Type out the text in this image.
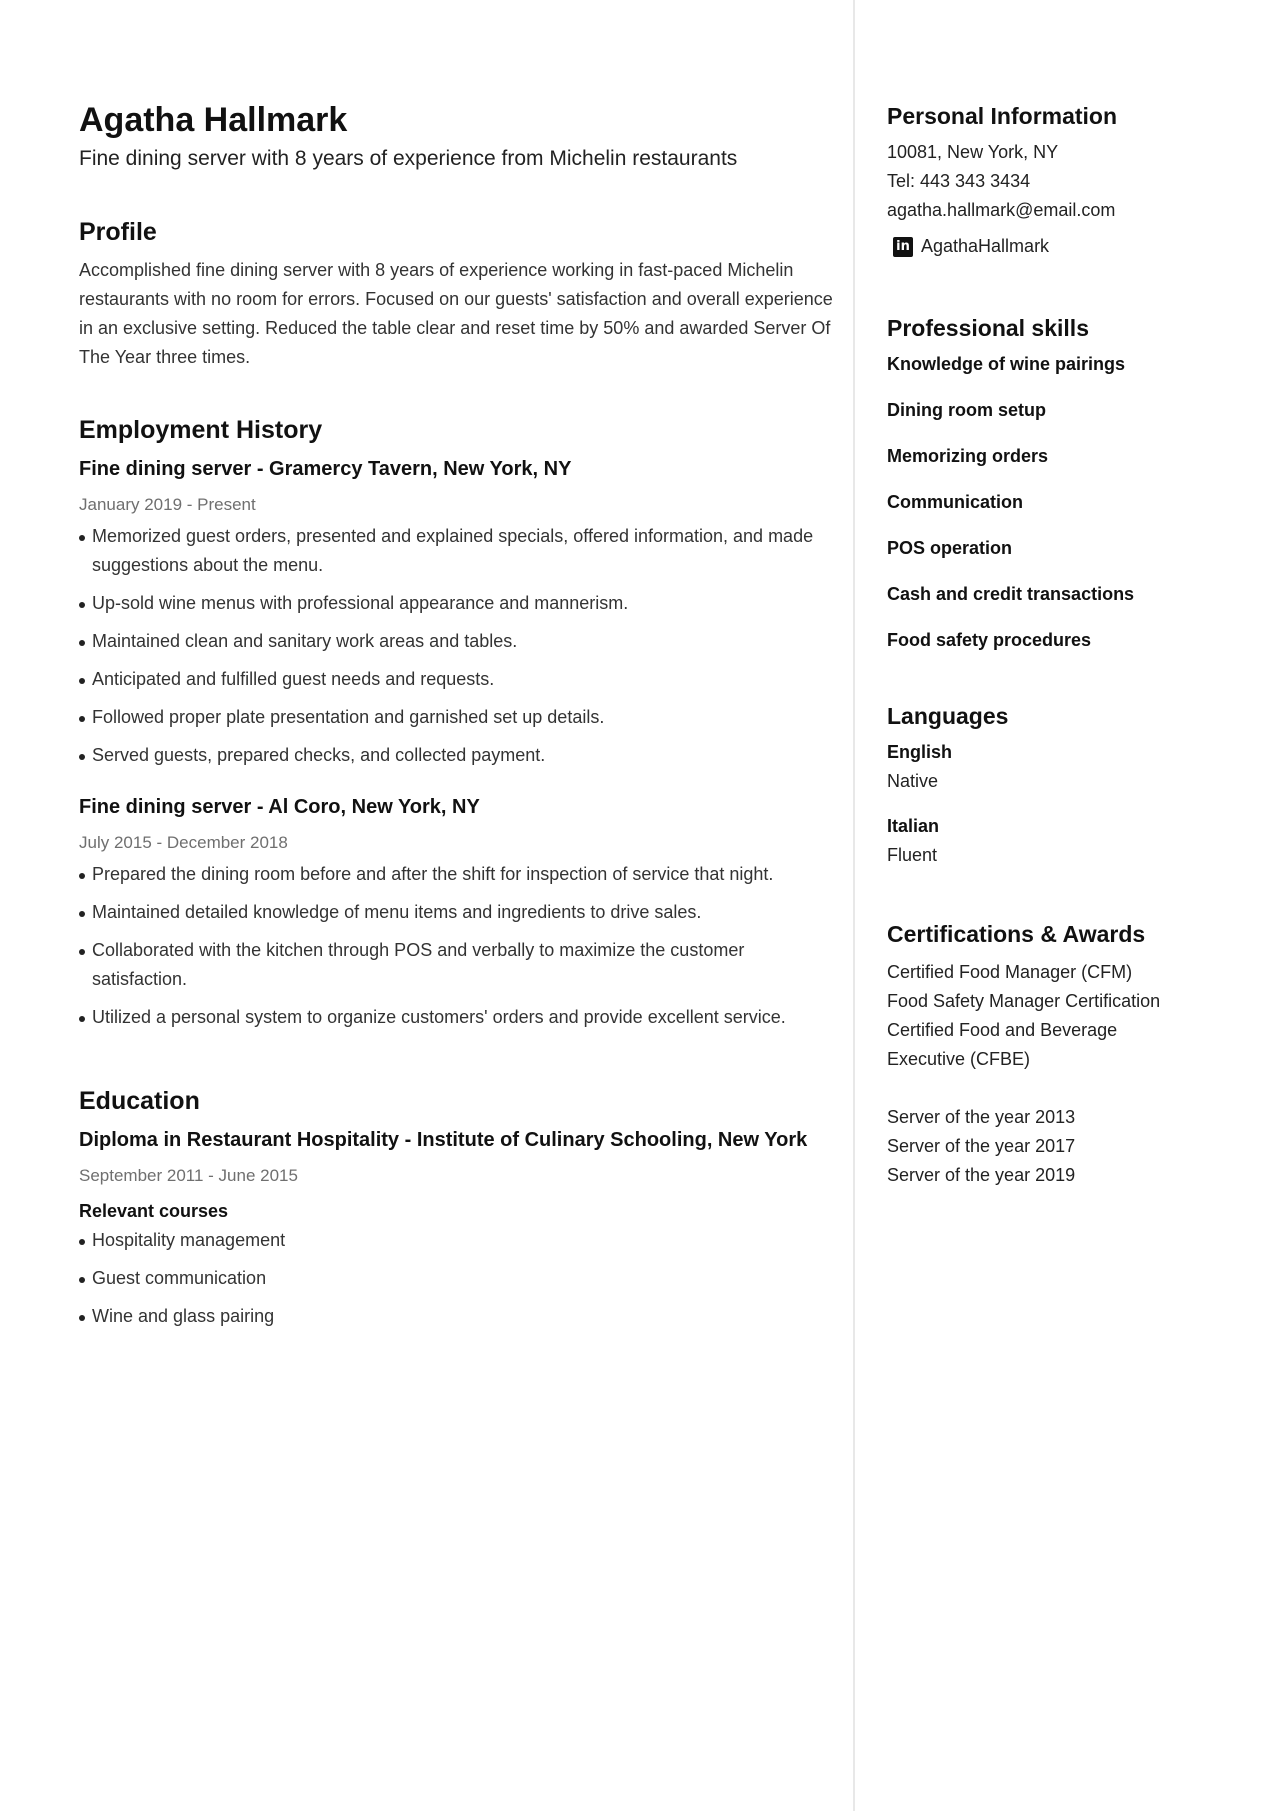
Agatha Hallmark

Fine dining server with 8 years of experience from Michelin restaurants

Profile

Accomplished fine dining server with 8 years of experience working in fast-paced Michelin restaurants with no room for errors. Focused on our guests' satisfaction and overall experience in an exclusive setting. Reduced the table clear and reset time by 50% and awarded Server Of The Year three times.

Employment History
Fine dining server - Gramercy Tavern, New York, NY

January 2019 - Present

Memorized guest orders, presented and explained specials, offered information, and made suggestions about the menu.
Up-sold wine menus with professional appearance and mannerism.
Maintained clean and sanitary work areas and tables.
Anticipated and fulfilled guest needs and requests.
Followed proper plate presentation and garnished set up details.
Served guests, prepared checks, and collected payment.
Fine dining server - Al Coro, New York, NY

July 2015 - December 2018

Prepared the dining room before and after the shift for inspection of service that night.
Maintained detailed knowledge of menu items and ingredients to drive sales.
Collaborated with the kitchen through POS and verbally to maximize the customer satisfaction.
Utilized a personal system to organize customers' orders and provide excellent service.
Education
Diploma in Restaurant Hospitality - Institute of Culinary Schooling, New York

September 2011 - June 2015

Relevant courses

Hospitality management
Guest communication
Wine and glass pairing
Personal Information

10081, New York, NY

Tel: 443 343 3434

agatha.hallmark@email.com

in AgathaHallmark
Professional skills

Knowledge of wine pairings

Dining room setup

Memorizing orders

Communication

POS operation

Cash and credit transactions

Food safety procedures

Languages

English

Native

Italian

Fluent

Certifications & Awards

Certified Food Manager (CFM)

Food Safety Manager Certification

Certified Food and Beverage Executive (CFBE)

Server of the year 2013

Server of the year 2017

Server of the year 2019
